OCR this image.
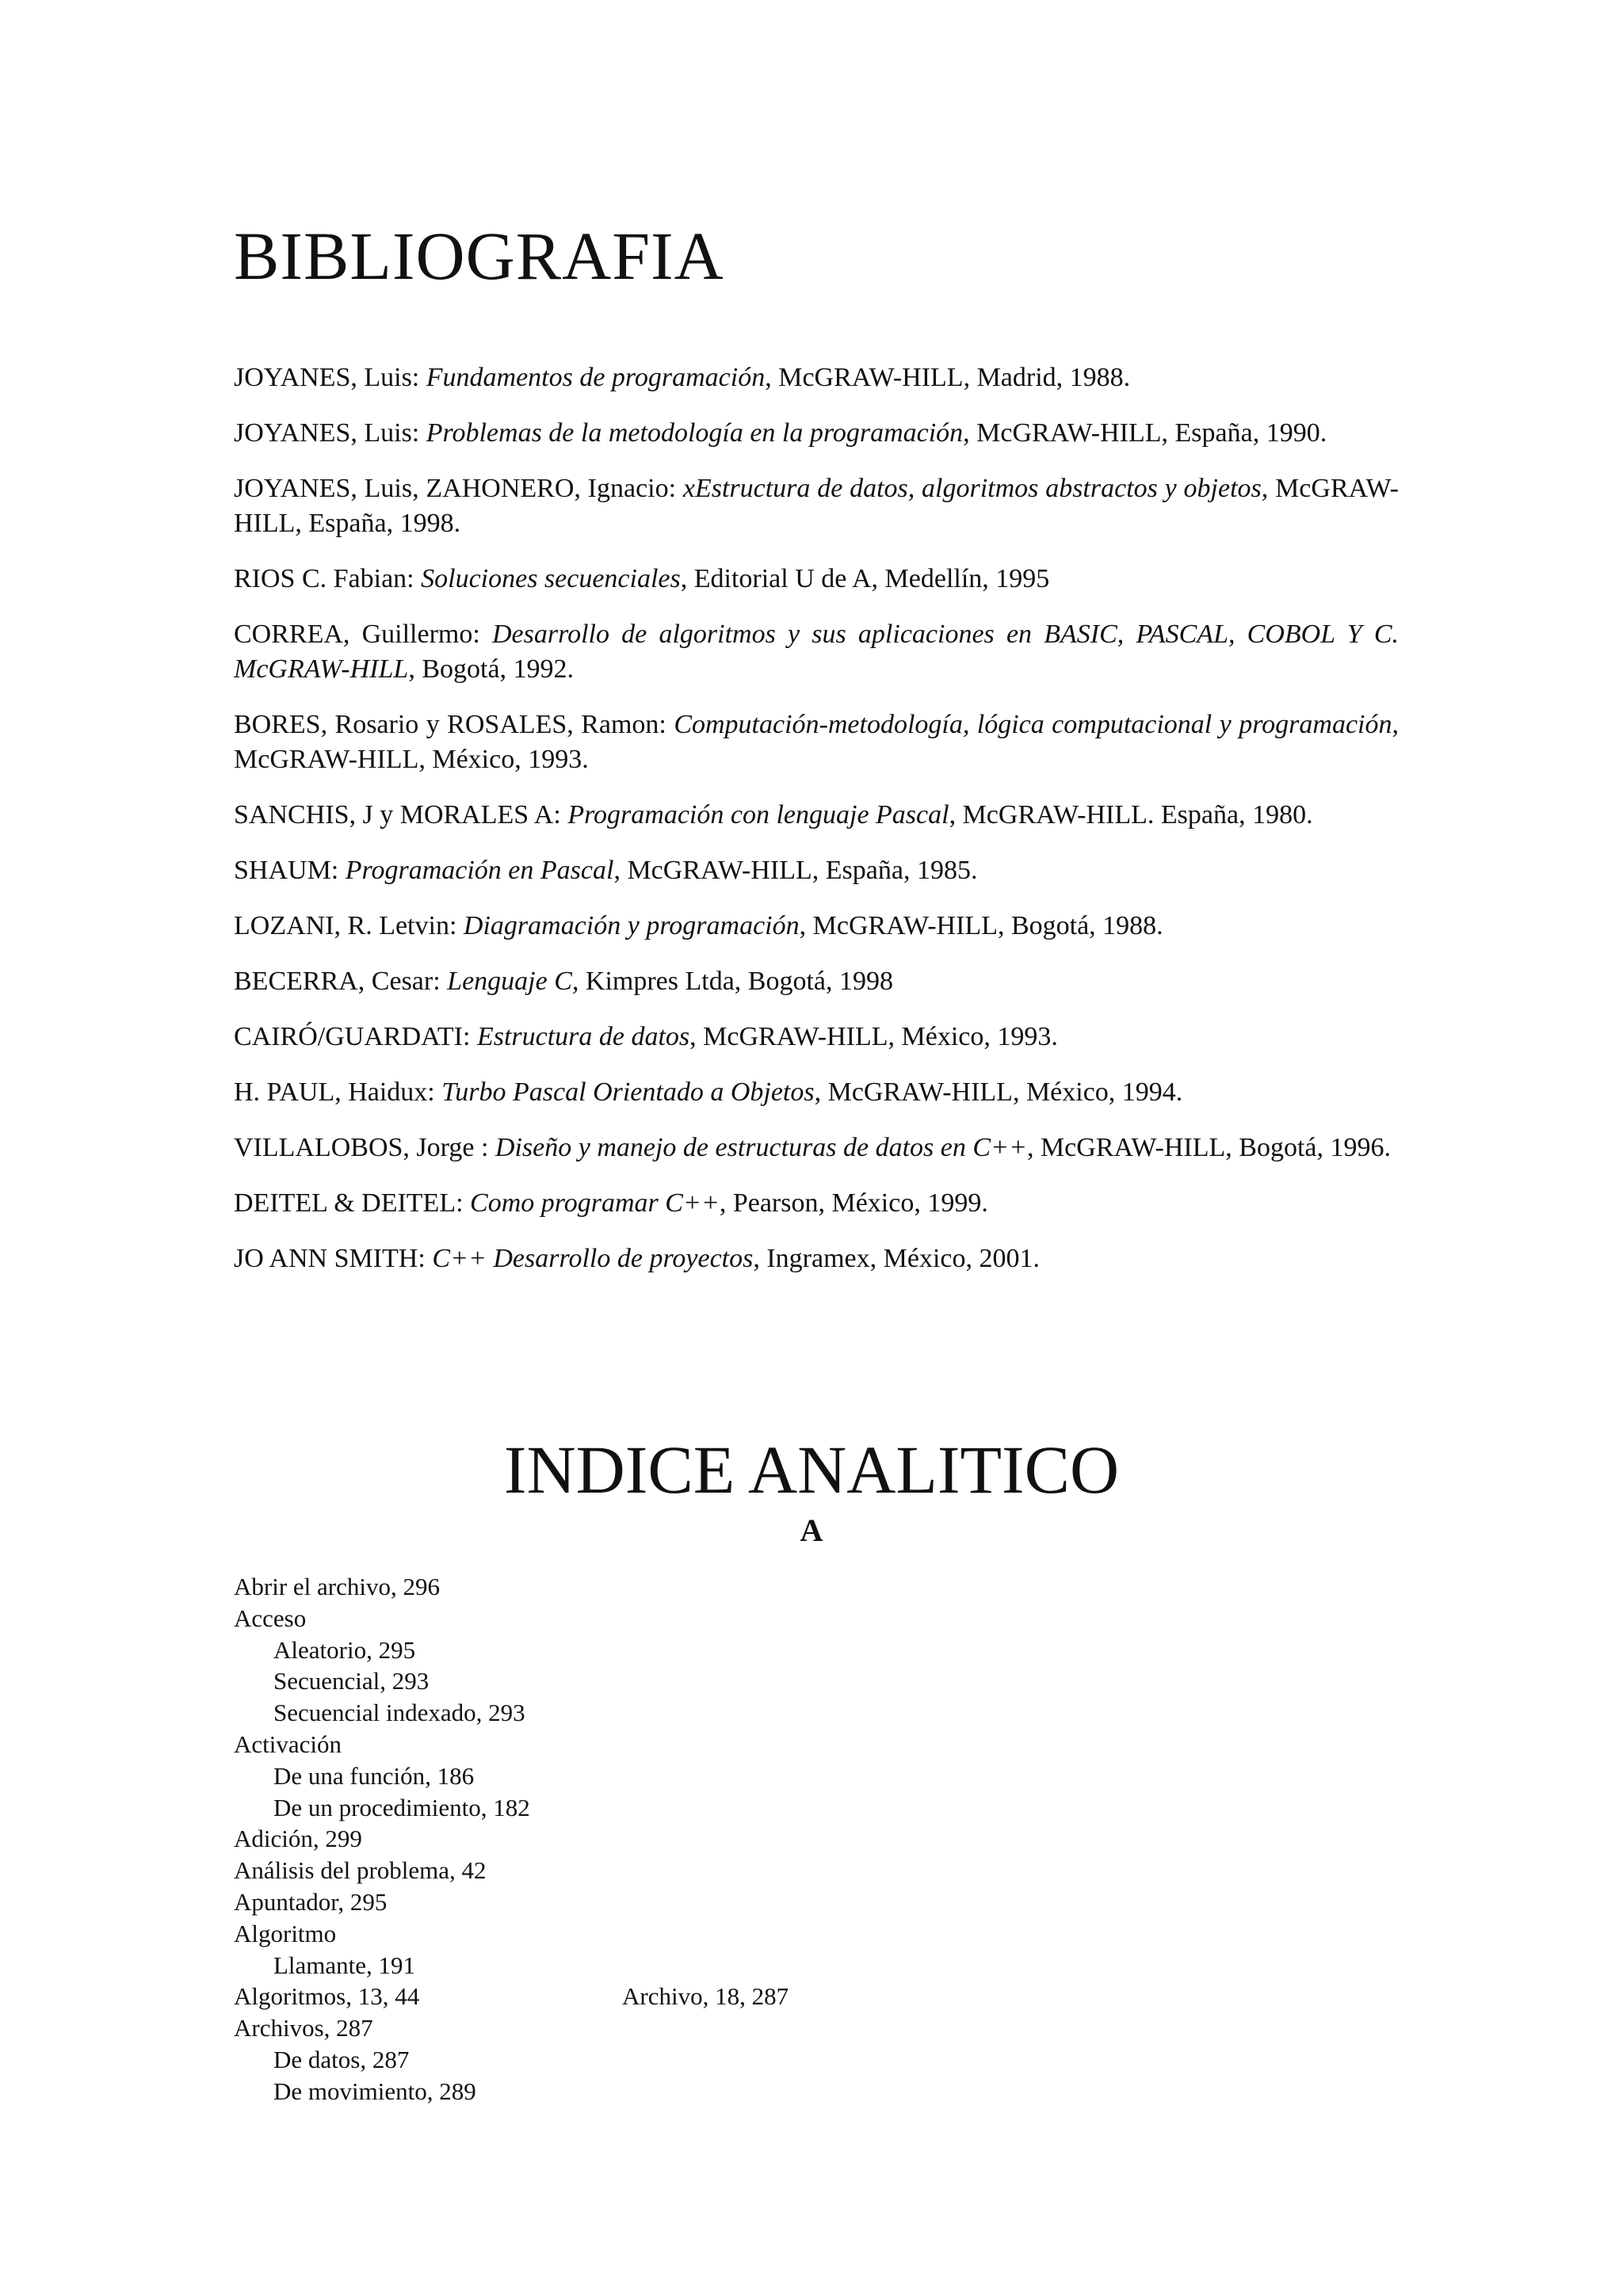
BIBLIOGRAFIA

JOYANES, Luis: Fundamentos de programación, McGRAW-HILL, Madrid, 1988.

JOYANES, Luis: Problemas de la metodología en la programación, McGRAW-HILL, España, 1990.

JOYANES, Luis, ZAHONERO, Ignacio: xEstructura de datos, algoritmos abstractos y objetos, McGRAW-HILL, España, 1998.

RIOS C. Fabian: Soluciones secuenciales, Editorial U de A, Medellín, 1995

CORREA, Guillermo: Desarrollo de algoritmos y sus aplicaciones en BASIC, PASCAL, COBOL Y C. McGRAW-HILL, Bogotá, 1992.

BORES, Rosario y ROSALES, Ramon: Computación-metodología, lógica computacional y programación, McGRAW-HILL, México, 1993.

SANCHIS, J y MORALES A: Programación con lenguaje Pascal, McGRAW-HILL. España, 1980.

SHAUM: Programación en Pascal, McGRAW-HILL, España, 1985.

LOZANI, R. Letvin: Diagramación y programación, McGRAW-HILL, Bogotá, 1988.

BECERRA, Cesar: Lenguaje C, Kimpres Ltda, Bogotá, 1998

CAIRÓ/GUARDATI: Estructura de datos, McGRAW-HILL, México, 1993.

H. PAUL, Haidux: Turbo Pascal Orientado a Objetos, McGRAW-HILL, México, 1994.

VILLALOBOS, Jorge : Diseño y manejo de estructuras de datos en C++, McGRAW-HILL, Bogotá, 1996.

DEITEL & DEITEL: Como programar C++, Pearson, México, 1999.

JO ANN SMITH: C++ Desarrollo de proyectos, Ingramex, México, 2001.

INDICE ANALITICO
A
Abrir el archivo, 296
Acceso
Aleatorio, 295
Secuencial, 293
Secuencial indexado, 293
Activación
De una función, 186
De un procedimiento, 182
Adición, 299
Análisis del problema, 42
Apuntador, 295
Algoritmo
Llamante, 191
Algoritmos, 13, 44
Archivos, 287
De datos, 287
De movimiento, 289
Archivo, 18, 287
